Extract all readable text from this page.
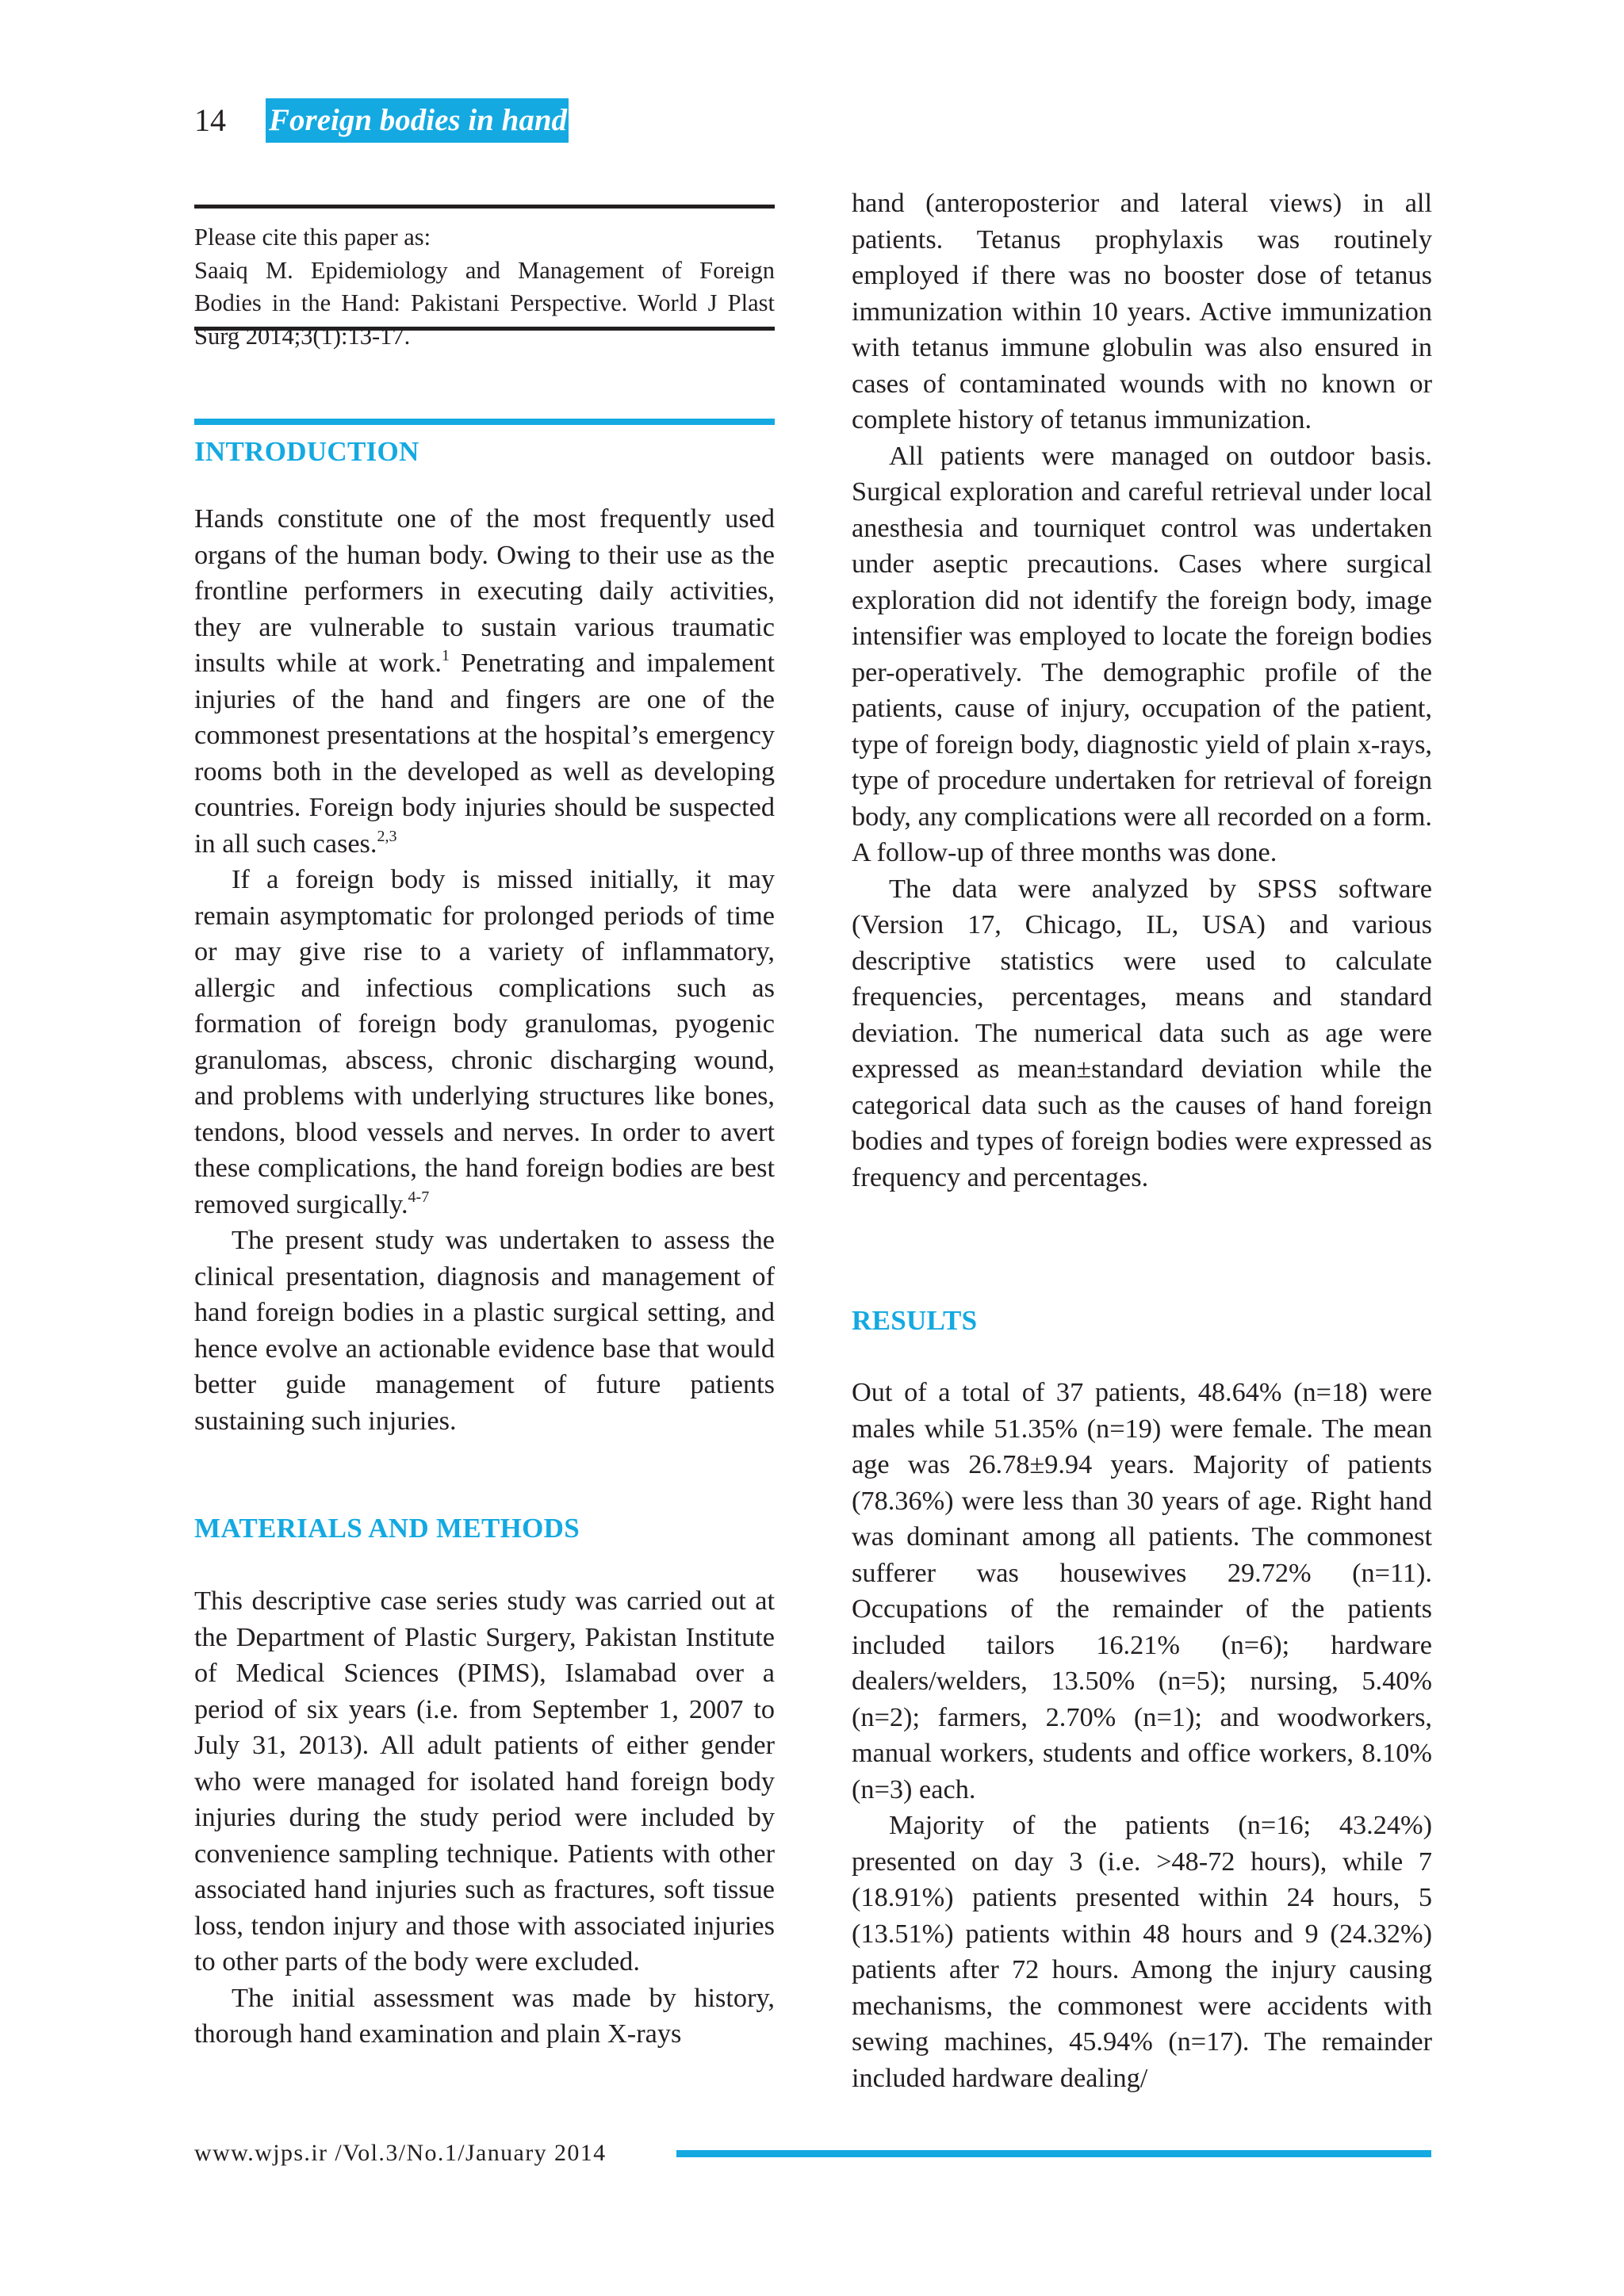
14 Foreign bodies in hand

Please cite this paper as:

Saaiq M. Epidemiology and Management of Foreign Bodies in the Hand: Pakistani Perspective. World J Plast Surg 2014;3(1):13-17.

INTRODUCTION

Hands constitute one of the most frequently used organs of the human body. Owing to their use as the frontline performers in executing daily activities, they are vulnerable to sustain various traumatic insults while at work.$^1$ Penetrating and impalement injuries of the hand and fingers are one of the commonest presentations at the hospital’s emergency rooms both in the developed as well as developing countries. Foreign body injuries should be suspected in all such cases.$^{2,3}$

If a foreign body is missed initially, it may remain asymptomatic for prolonged periods of time or may give rise to a variety of inflammatory, allergic and infectious complications such as formation of foreign body granulomas, pyogenic granulomas, abscess, chronic discharging wound, and problems with underlying structures like bones, tendons, blood vessels and nerves. In order to avert these complications, the hand foreign bodies are best removed surgically.$^{4-7}$

The present study was undertaken to assess the clinical presentation, diagnosis and management of hand foreign bodies in a plastic surgical setting, and hence evolve an actionable evidence base that would better guide management of future patients sustaining such injuries.

MATERIALS AND METHODS

This descriptive case series study was carried out at the Department of Plastic Surgery, Pakistan Institute of Medical Sciences (PIMS), Islamabad over a period of six years (i.e. from September 1, 2007 to July 31, 2013). All adult patients of either gender who were managed for isolated hand foreign body injuries during the study period were included by convenience sampling technique. Patients with other associated hand injuries such as fractures, soft tissue loss, tendon injury and those with associated injuries to other parts of the body were excluded.

The initial assessment was made by history, thorough hand examination and plain X-rays

hand (anteroposterior and lateral views) in all patients. Tetanus prophylaxis was routinely employed if there was no booster dose of tetanus immunization within 10 years. Active immunization with tetanus immune globulin was also ensured in cases of contaminated wounds with no known or complete history of tetanus immunization.

All patients were managed on outdoor basis. Surgical exploration and careful retrieval under local anesthesia and tourniquet control was undertaken under aseptic precautions. Cases where surgical exploration did not identify the foreign body, image intensifier was employed to locate the foreign bodies per-operatively. The demographic profile of the patients, cause of injury, occupation of the patient, type of foreign body, diagnostic yield of plain x-rays, type of procedure undertaken for retrieval of foreign body, any complications were all recorded on a form. A follow-up of three months was done.

The data were analyzed by SPSS software (Version 17, Chicago, IL, USA) and various descriptive statistics were used to calculate frequencies, percentages, means and standard deviation. The numerical data such as age were expressed as mean±standard deviation while the categorical data such as the causes of hand foreign bodies and types of foreign bodies were expressed as frequency and percentages.

RESULTS

Out of a total of 37 patients, 48.64% (n=18) were males while 51.35% (n=19) were female. The mean age was 26.78±9.94 years. Majority of patients (78.36%) were less than 30 years of age. Right hand was dominant among all patients. The commonest sufferer was housewives 29.72% (n=11). Occupations of the remainder of the patients included tailors 16.21% (n=6); hardware dealers/welders, 13.50% (n=5); nursing, 5.40% (n=2); farmers, 2.70% (n=1); and woodworkers, manual workers, students and office workers, 8.10% (n=3) each.

Majority of the patients (n=16; 43.24%) presented on day 3 (i.e. >48-72 hours), while 7 (18.91%) patients presented within 24 hours, 5 (13.51%) patients within 48 hours and 9 (24.32%) patients after 72 hours. Among the injury causing mechanisms, the commonest were accidents with sewing machines, 45.94% (n=17). The remainder included hardware dealing/

www.wjps.ir /Vol.3/No.1/January 2014
